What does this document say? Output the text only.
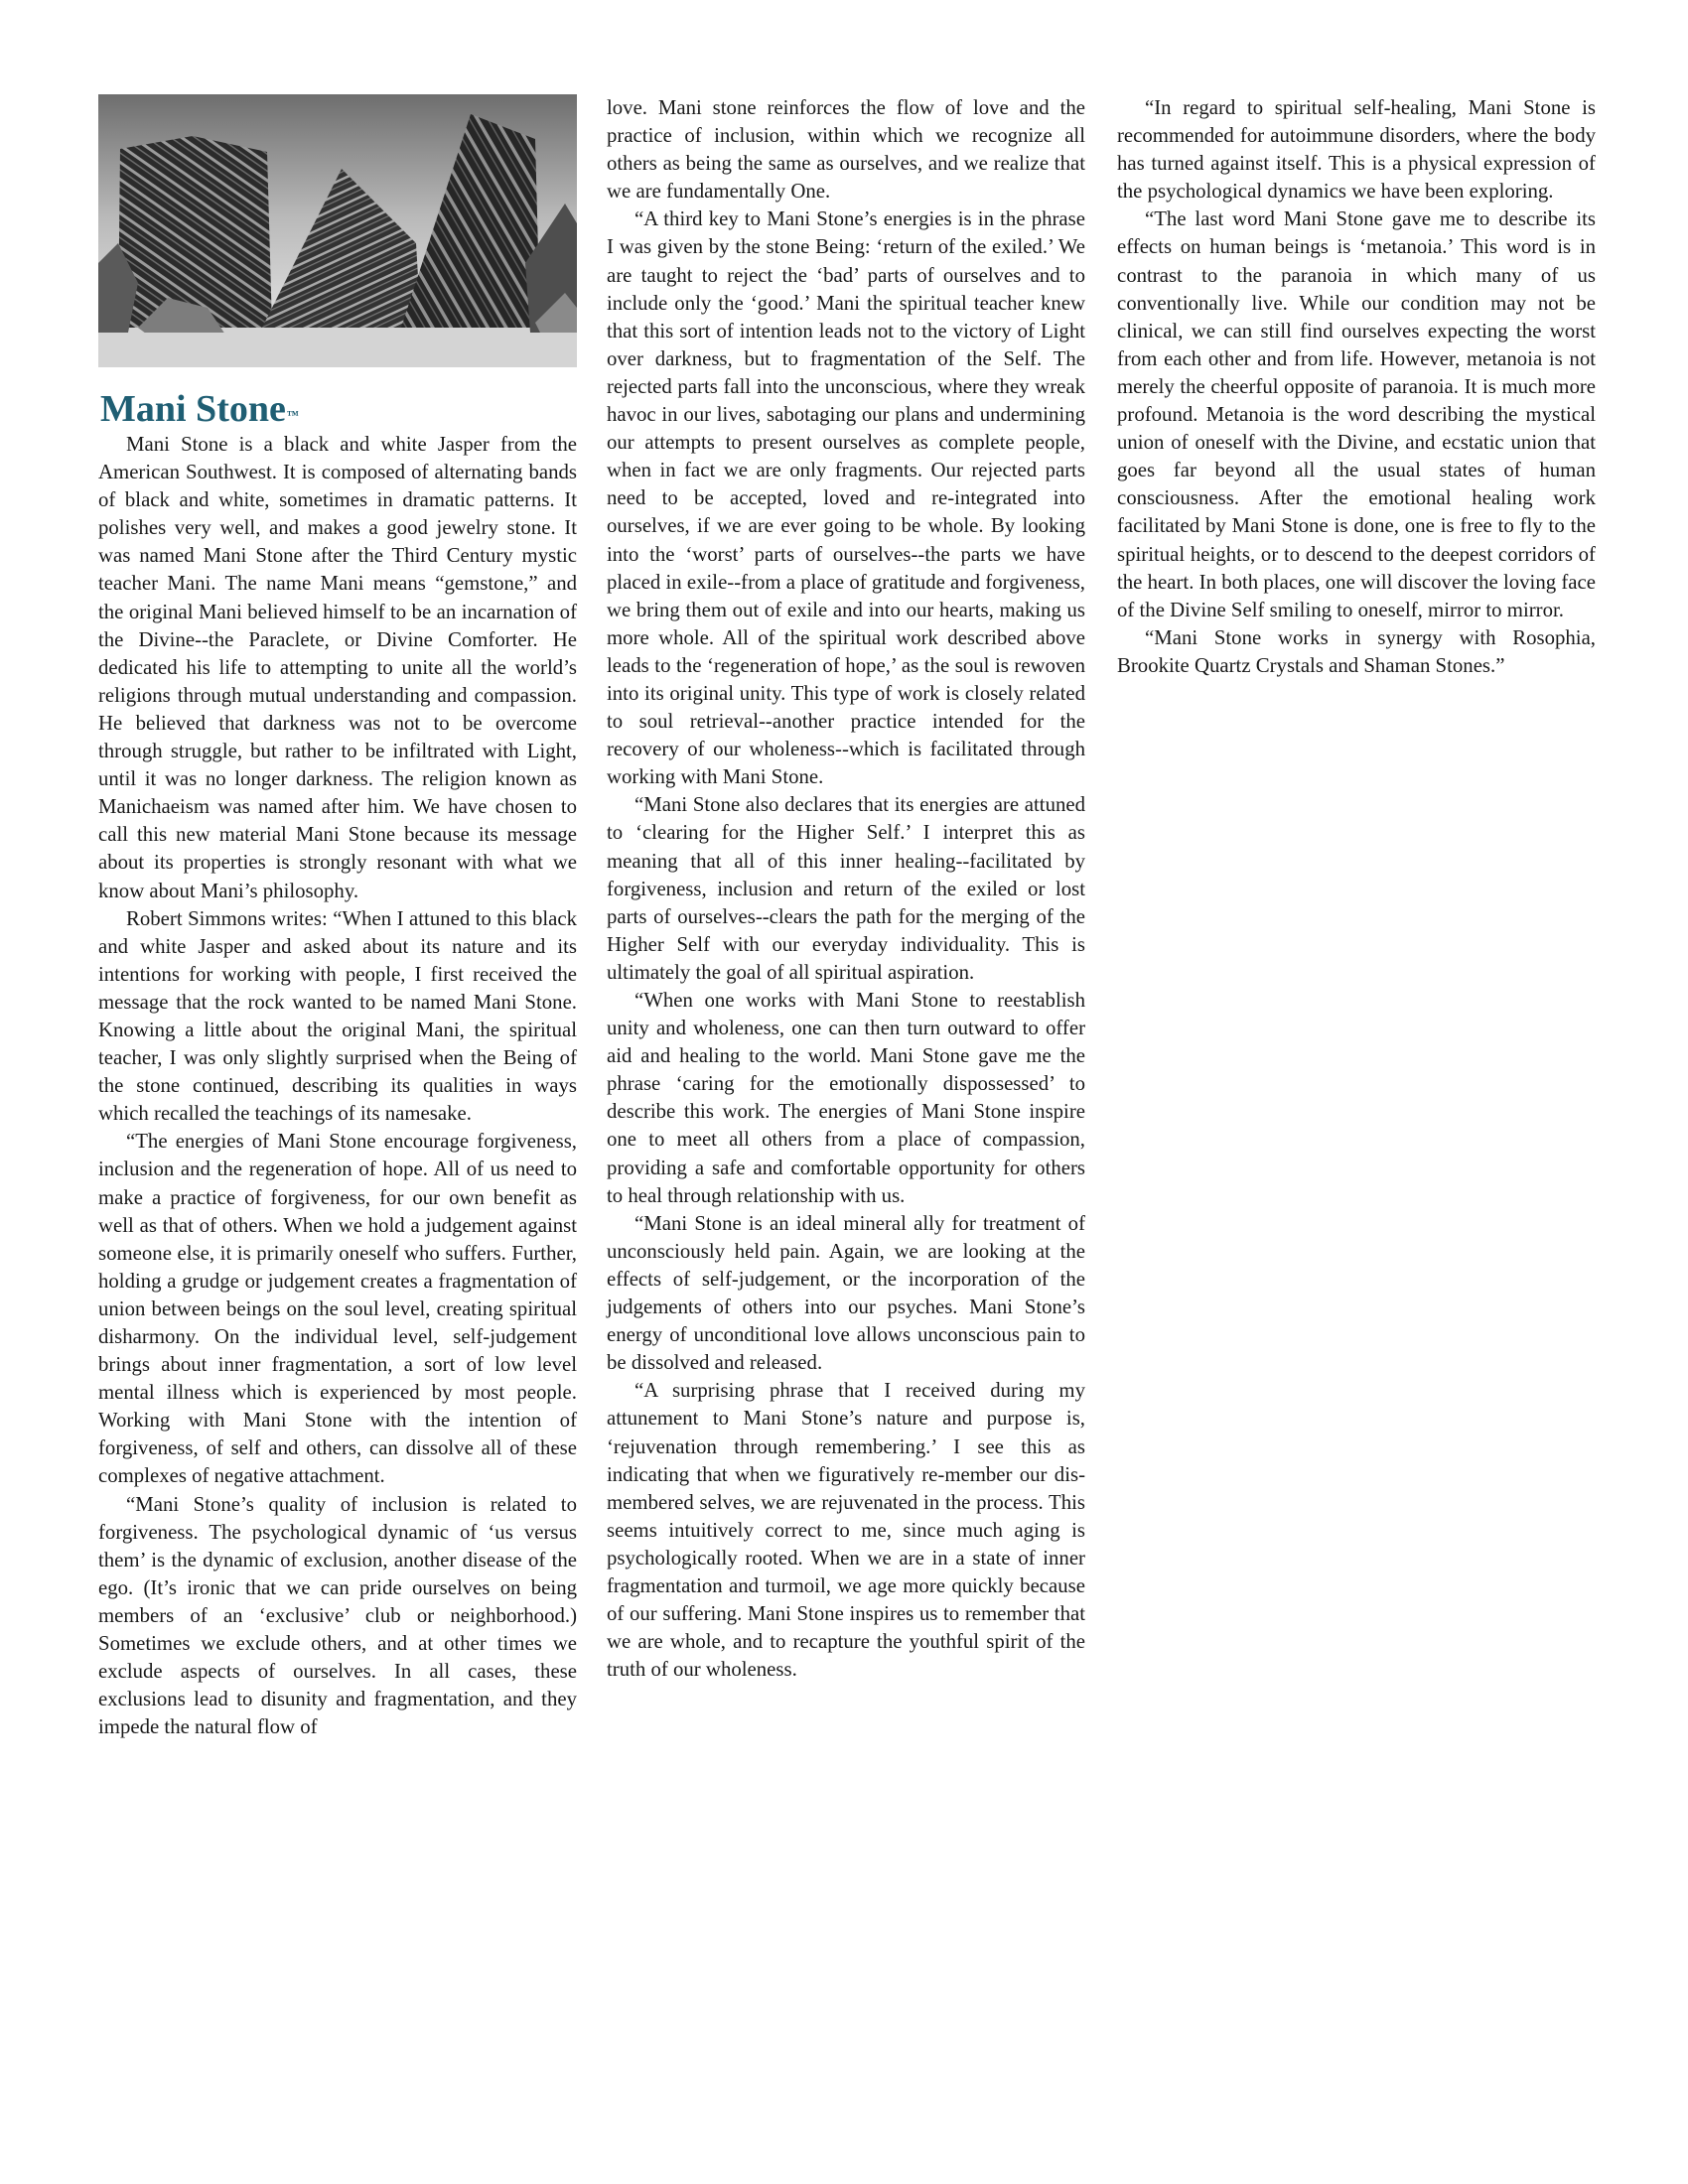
Mani Stone™

Mani Stone is a black and white Jasper from the American Southwest. It is composed of alternating bands of black and white, sometimes in dramatic patterns. It polishes very well, and makes a good jewelry stone. It was named Mani Stone after the Third Century mystic teacher Mani. The name Mani means “gemstone,” and the original Mani believed himself to be an incarnation of the Divine--the Paraclete, or Divine Comforter. He dedicated his life to attempting to unite all the world’s religions through mutual understanding and compassion. He believed that darkness was not to be overcome through struggle, but rather to be infiltrated with Light, until it was no longer darkness. The religion known as Manichaeism was named after him. We have chosen to call this new material Mani Stone because its message about its properties is strongly resonant with what we know about Mani’s philosophy.

Robert Simmons writes: “When I attuned to this black and white Jasper and asked about its nature and its intentions for working with people, I first received the message that the rock wanted to be named Mani Stone. Knowing a little about the original Mani, the spiritual teacher, I was only slightly surprised when the Being of the stone continued, describing its qualities in ways which recalled the teachings of its namesake.

“The energies of Mani Stone encourage forgiveness, inclusion and the regeneration of hope. All of us need to make a practice of forgiveness, for our own benefit as well as that of others. When we hold a judgement against someone else, it is primarily oneself who suffers. Further, holding a grudge or judgement creates a fragmentation of union between beings on the soul level, creating spiritual disharmony. On the individual level, self-judgement brings about inner fragmentation, a sort of low level mental illness which is experienced by most people. Working with Mani Stone with the intention of forgiveness, of self and others, can dissolve all of these complexes of negative attachment.

“Mani Stone’s quality of inclusion is related to forgiveness. The psychological dynamic of ‘us versus them’ is the dynamic of exclusion, another disease of the ego. (It’s ironic that we can pride ourselves on being members of an ‘exclusive’ club or neighborhood.) Sometimes we exclude others, and at other times we exclude aspects of ourselves. In all cases, these exclusions lead to disunity and fragmentation, and they impede the natural flow of

love. Mani stone reinforces the flow of love and the practice of inclusion, within which we recognize all others as being the same as ourselves, and we realize that we are fundamentally One.

“A third key to Mani Stone’s energies is in the phrase I was given by the stone Being: ‘return of the exiled.’ We are taught to reject the ‘bad’ parts of ourselves and to include only the ‘good.’ Mani the spiritual teacher knew that this sort of intention leads not to the victory of Light over darkness, but to fragmentation of the Self. The rejected parts fall into the unconscious, where they wreak havoc in our lives, sabotaging our plans and undermining our attempts to present ourselves as complete people, when in fact we are only fragments. Our rejected parts need to be accepted, loved and re-integrated into ourselves, if we are ever going to be whole. By looking into the ‘worst’ parts of ourselves--the parts we have placed in exile--from a place of gratitude and forgiveness, we bring them out of exile and into our hearts, making us more whole. All of the spiritual work described above leads to the ‘regeneration of hope,’ as the soul is rewoven into its original unity. This type of work is closely related to soul retrieval--another practice intended for the recovery of our wholeness--which is facilitated through working with Mani Stone.

“Mani Stone also declares that its energies are attuned to ‘clearing for the Higher Self.’ I interpret this as meaning that all of this inner healing--facilitated by forgiveness, inclusion and return of the exiled or lost parts of ourselves--clears the path for the merging of the Higher Self with our everyday individuality. This is ultimately the goal of all spiritual aspiration.

“When one works with Mani Stone to reestablish unity and wholeness, one can then turn outward to offer aid and healing to the world. Mani Stone gave me the phrase ‘caring for the emotionally dispossessed’ to describe this work. The energies of Mani Stone inspire one to meet all others from a place of compassion, providing a safe and comfortable opportunity for others to heal through relationship with us.

“Mani Stone is an ideal mineral ally for treatment of unconsciously held pain. Again, we are looking at the effects of self-judgement, or the incorporation of the judgements of others into our psyches. Mani Stone’s energy of unconditional love allows unconscious pain to be dissolved and released.

“A surprising phrase that I received during my attunement to Mani Stone’s nature and purpose is, ‘rejuvenation through remembering.’ I see this as indicating that when we figuratively re-member our dis-membered selves, we are rejuvenated in the process. This seems intuitively correct to me, since much aging is psychologically rooted. When we are in a state of inner fragmentation and turmoil, we age more quickly because of our suffering. Mani Stone inspires us to remember that we are whole, and to recapture the youthful spirit of the truth of our wholeness.

“In regard to spiritual self-healing, Mani Stone is recommended for autoimmune disorders, where the body has turned against itself. This is a physical expression of the psychological dynamics we have been exploring.

“The last word Mani Stone gave me to describe its effects on human beings is ‘metanoia.’ This word is in contrast to the paranoia in which many of us conventionally live. While our condition may not be clinical, we can still find ourselves expecting the worst from each other and from life. However, metanoia is not merely the cheerful opposite of paranoia. It is much more profound. Metanoia is the word describing the mystical union of oneself with the Divine, and ecstatic union that goes far beyond all the usual states of human consciousness. After the emotional healing work facilitated by Mani Stone is done, one is free to fly to the spiritual heights, or to descend to the deepest corridors of the heart. In both places, one will discover the loving face of the Divine Self smiling to oneself, mirror to mirror.

“Mani Stone works in synergy with Rosophia, Brookite Quartz Crystals and Shaman Stones.”
